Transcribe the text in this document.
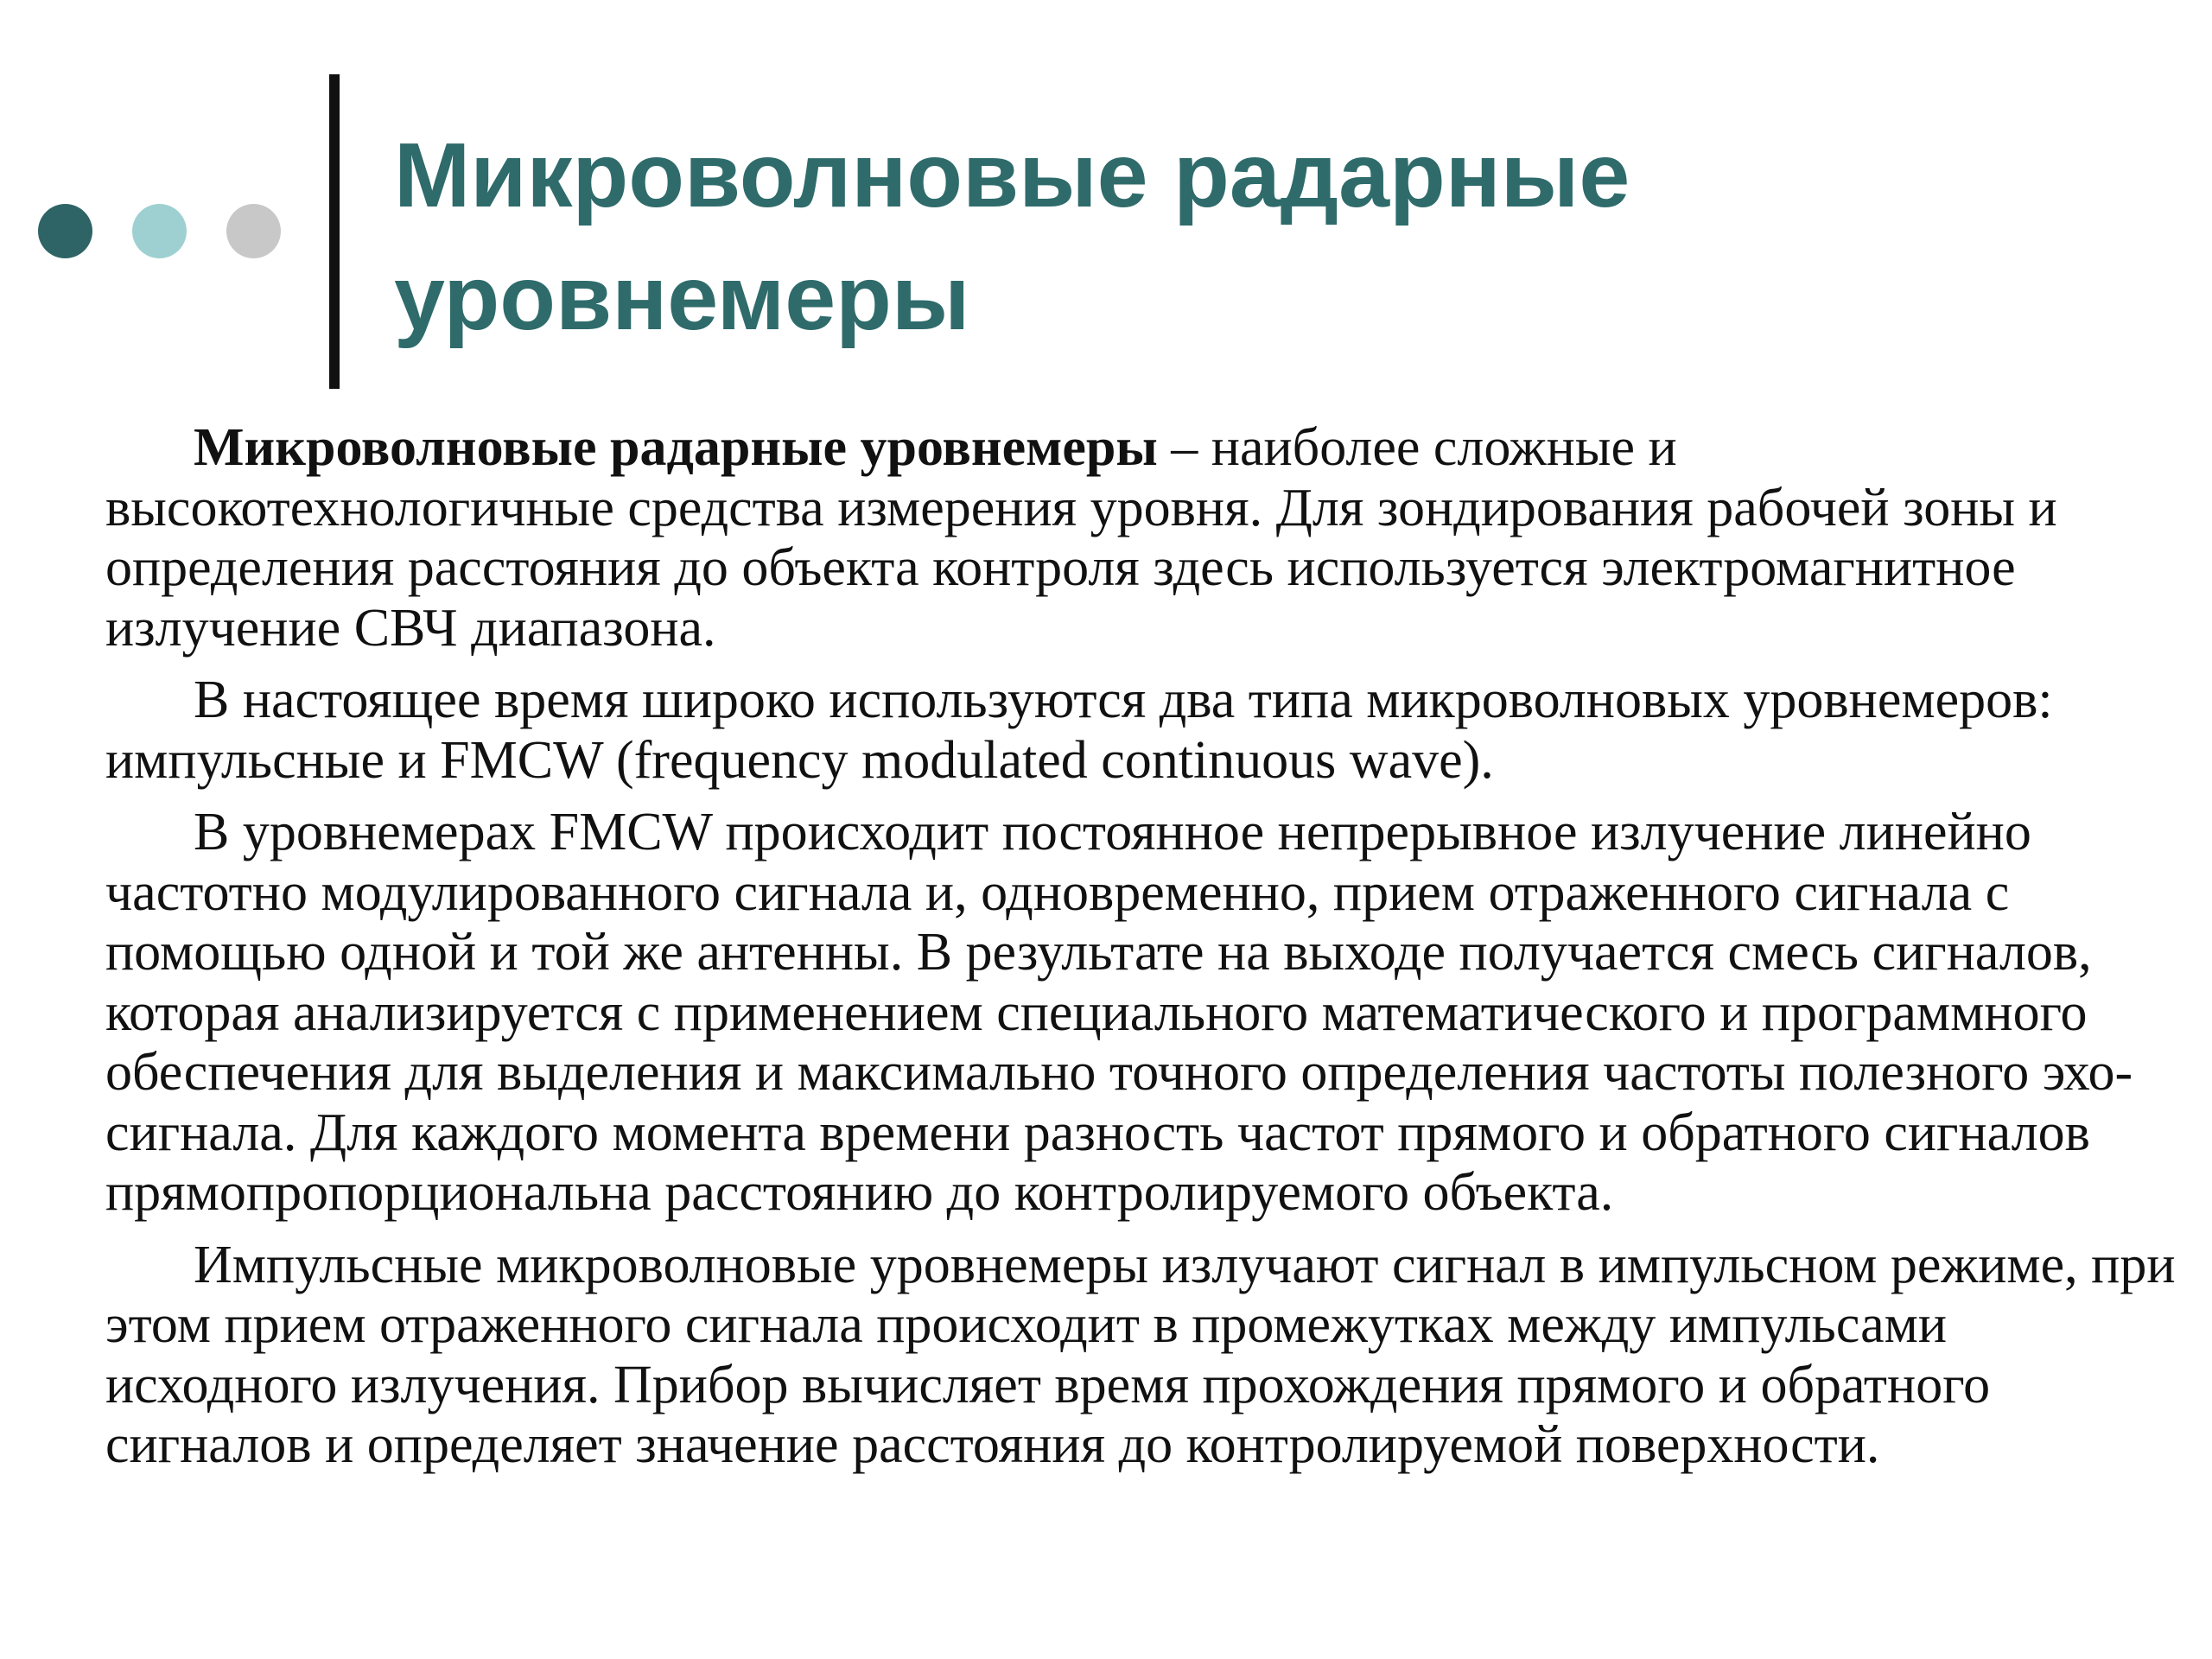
Микроволновые радарные уровнемеры

Микроволновые радарные уровнемеры – наиболее сложные и высокотехнологичные средства измерения уровня. Для зондирования рабочей зоны и определения расстояния до объекта контроля здесь используется электромагнитное излучение СВЧ диапазона.

В настоящее время широко используются два типа микроволновых уровнемеров: импульсные и FMCW (frequency modulated continuous wave).

В уровнемерах FMCW происходит постоянное непрерывное излучение линейно частотно модулированного сигнала и, одновременно, прием отраженного сигнала с помощью одной и той же антенны. В результате на выходе получается смесь сигналов, которая анализируется с применением специального математического и программного обеспечения для выделения и максимально точного определения частоты полезного эхо-сигнала. Для каждого момента времени разность частот прямого и обратного сигналов прямопропорциональна расстоянию до контролируемого объекта.

Импульсные микроволновые уровнемеры излучают сигнал в импульсном режиме, при этом прием отраженного сигнала происходит в промежутках между импульсами исходного излучения. Прибор вычисляет время прохождения прямого и обратного сигналов и определяет значение расстояния до контролируемой поверхности.
